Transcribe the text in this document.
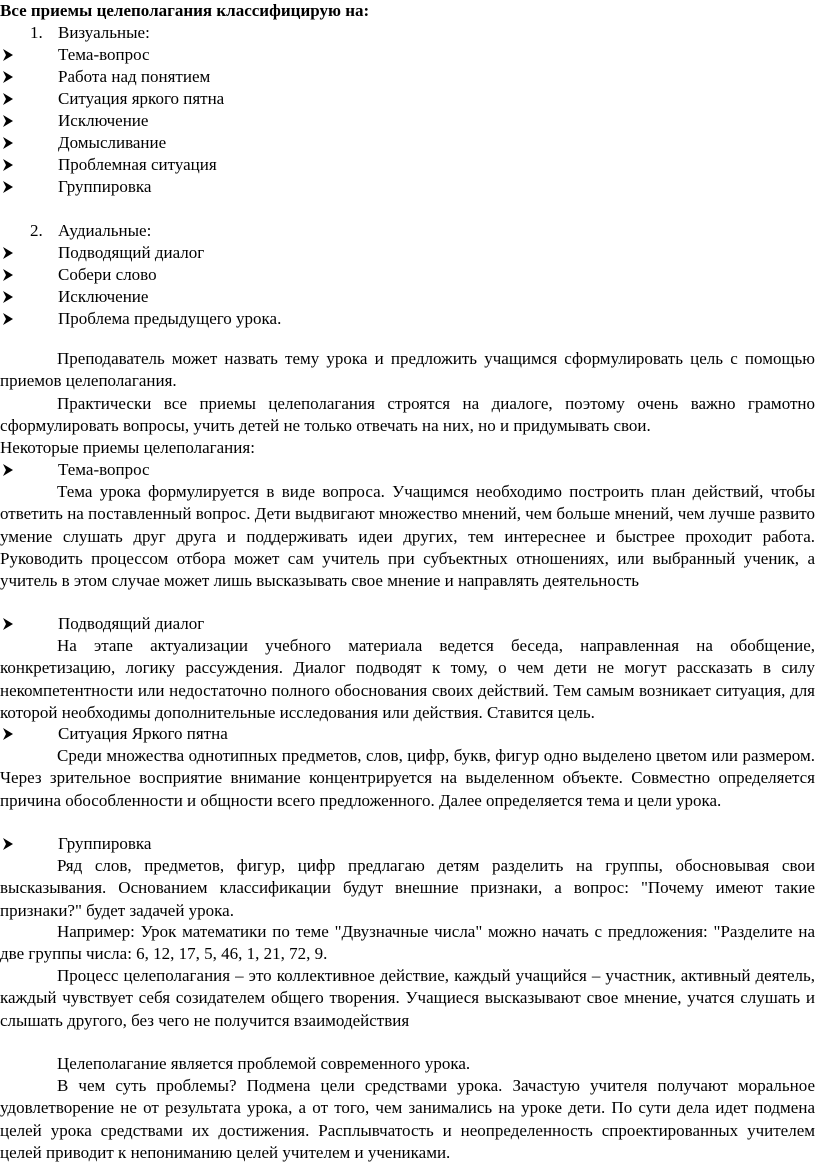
Все приемы целеполагания классифицирую на:
1. Визуальные:
Тема-вопрос
Работа над понятием
Ситуация яркого пятна
Исключение
Домысливание
Проблемная ситуация
Группировка
2. Аудиальные:
Подводящий диалог
Собери слово
Исключение
Проблема предыдущего урока.
Преподаватель может назвать тему урока и предложить учащимся сформулировать цель с помощью приемов целеполагания.
Практически все приемы целеполагания строятся на диалоге, поэтому очень важно грамотно сформулировать вопросы, учить детей не только отвечать на них, но и придумывать свои.
Некоторые приемы целеполагания:
Тема-вопрос
Тема урока формулируется в виде вопроса. Учащимся необходимо построить план действий, чтобы ответить на поставленный вопрос. Дети выдвигают множество мнений, чем больше мнений, чем лучше развито умение слушать друг друга и поддерживать идеи других, тем интереснее и быстрее проходит работа. Руководить процессом отбора может сам учитель при субъектных отношениях, или выбранный ученик, а учитель в этом случае может лишь высказывать свое мнение и направлять деятельность
Подводящий диалог
На этапе актуализации учебного материала ведется беседа, направленная на обобщение, конкретизацию, логику рассуждения. Диалог подводят к тому, о чем дети не могут рассказать в силу некомпетентности или недостаточно полного обоснования своих действий. Тем самым возникает ситуация, для которой необходимы дополнительные исследования или действия. Ставится цель.
Ситуация Яркого пятна
Среди множества однотипных предметов, слов, цифр, букв, фигур одно выделено цветом или размером. Через зрительное восприятие внимание концентрируется на выделенном объекте. Совместно определяется причина обособленности и общности всего предложенного. Далее определяется тема и цели урока.
Группировка
Ряд слов, предметов, фигур, цифр предлагаю детям разделить на группы, обосновывая свои высказывания. Основанием классификации будут внешние признаки, а вопрос: "Почему имеют такие признаки?" будет задачей урока.
Например: Урок математики по теме "Двузначные числа" можно начать с предложения: "Разделите на две группы числа: 6, 12, 17, 5, 46, 1, 21, 72, 9.
Процесс целеполагания – это коллективное действие, каждый учащийся – участник, активный деятель, каждый чувствует себя созидателем общего творения. Учащиеся высказывают свое мнение, учатся слушать и слышать другого, без чего не получится взаимодействия
Целеполагание является проблемой современного урока.
В чем суть проблемы? Подмена цели средствами урока. Зачастую учителя получают моральное удовлетворение не от результата урока, а от того, чем занимались на уроке дети. По сути дела идет подмена целей урока средствами их достижения. Расплывчатость и неопределенность спроектированных учителем целей приводит к непониманию целей учителем и учениками.
